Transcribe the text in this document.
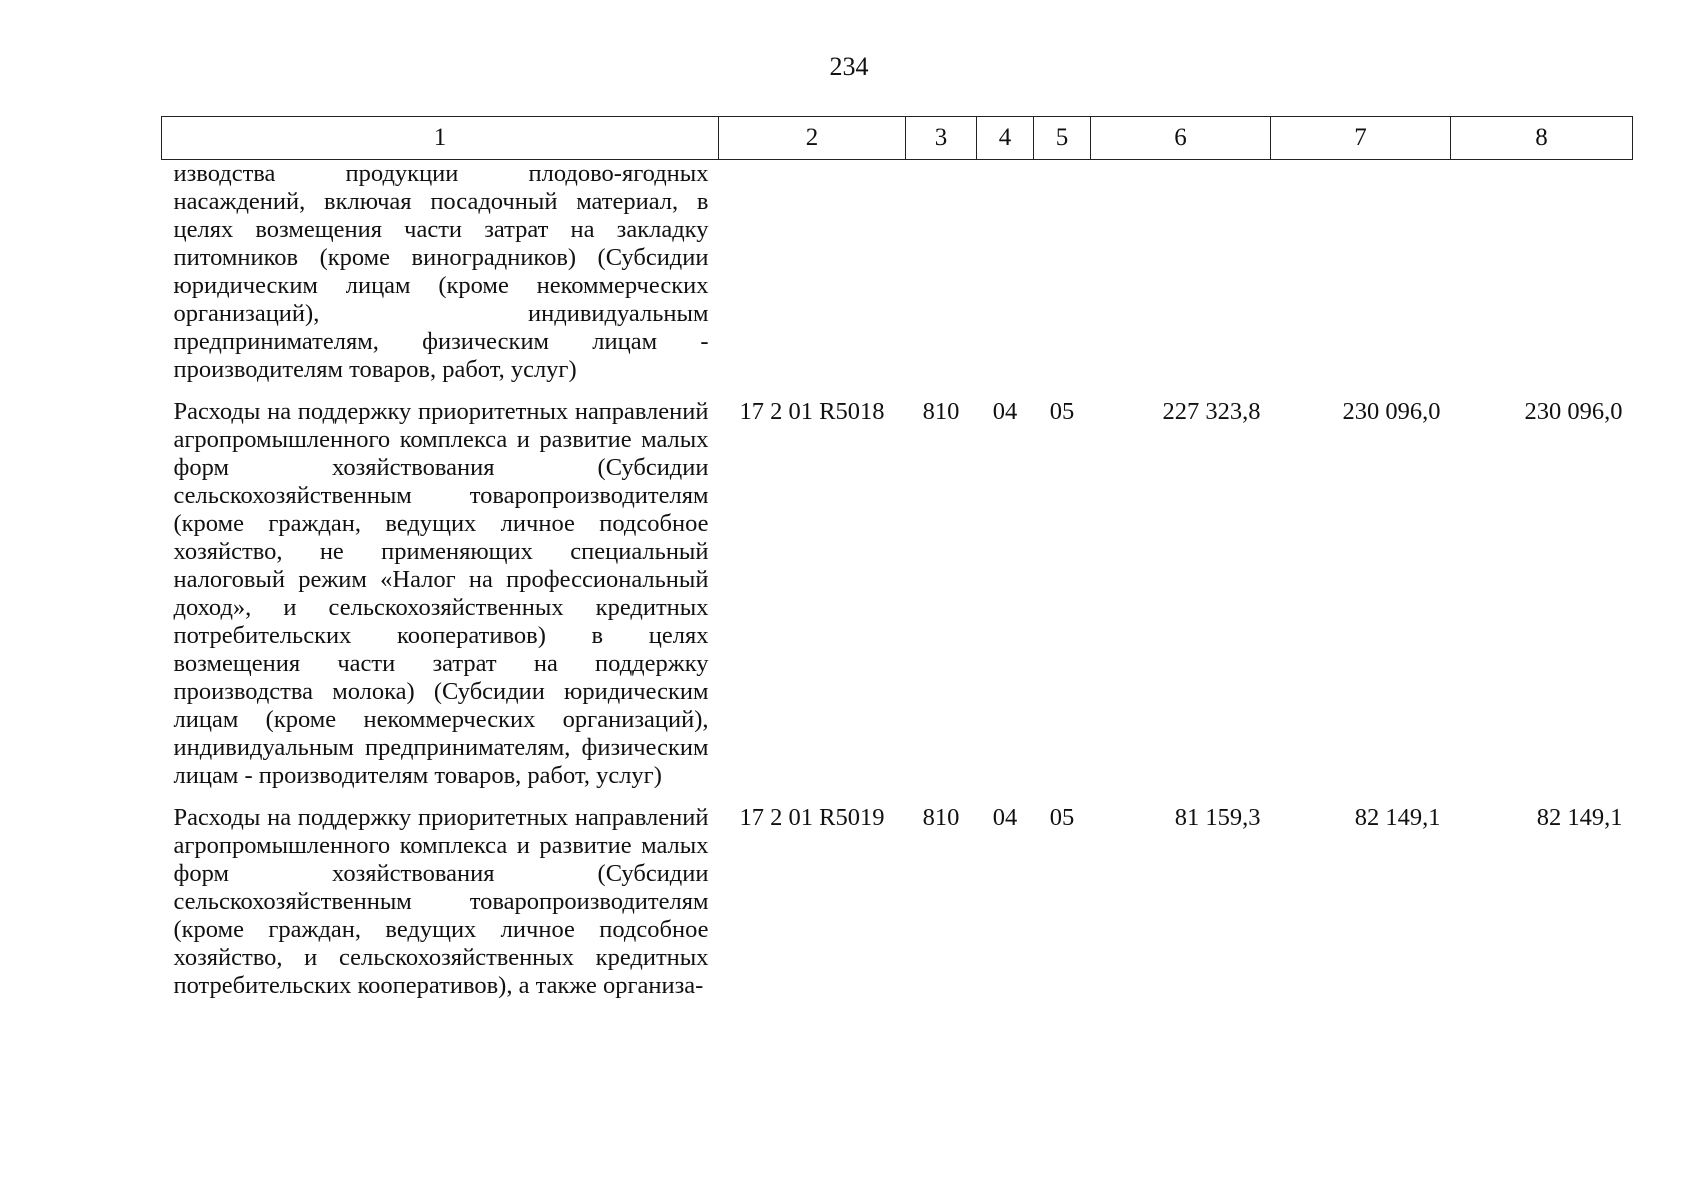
234
1	2	3	4	5	6	7	8
изводства продукции плодово-ягодных насаждений, включая посадочный материал, в целях возмещения части затрат на закладку питомников (кроме виноградников) (Субсидии юридическим лицам (кроме некоммерческих организаций), индивидуальным предпринимателям, физическим лицам - производителям товаров, работ, услуг)							
Расходы на поддержку приоритетных направлений агропромышленного комплекса и развитие малых форм хозяйствования (Субсидии сельскохозяйственным товаропроизводителям (кроме граждан, ведущих личное подсобное хозяйство, не применяющих специальный налоговый режим «Налог на профессиональный доход», и сельскохозяйственных кредитных потребительских кооперативов) в целях возмещения части затрат на поддержку производства молока) (Субсидии юридическим лицам (кроме некоммерческих организаций), индивидуальным предпринимателям, физическим лицам - производителям товаров, работ, услуг)	17 2 01 R5018	810	04	05	227 323,8	230 096,0	230 096,0
Расходы на поддержку приоритетных направлений агропромышленного комплекса и развитие малых форм хозяйствования (Субсидии сельскохозяйственным товаропроизводителям (кроме граждан, ведущих личное подсобное хозяйство, и сельскохозяйственных кредитных потребительских кооперативов), а также организа-	17 2 01 R5019	810	04	05	81 159,3	82 149,1	82 149,1
